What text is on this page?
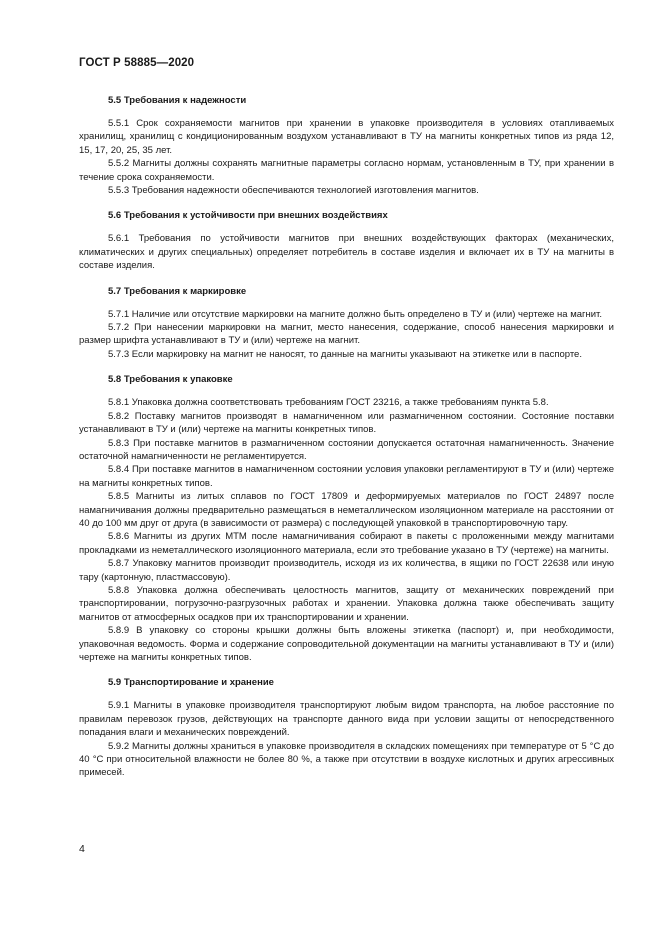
ГОСТ Р 58885—2020

5.5 Требования к надежности

5.5.1 Срок сохраняемости магнитов при хранении в упаковке производителя в условиях отапливаемых хранилищ, хранилищ с кондиционированным воздухом устанавливают в ТУ на магниты конкретных типов из ряда 12, 15, 17, 20, 25, 35 лет.

5.5.2 Магниты должны сохранять магнитные параметры согласно нормам, установленным в ТУ, при хранении в течение срока сохраняемости.

5.5.3 Требования надежности обеспечиваются технологией изготовления магнитов.

5.6 Требования к устойчивости при внешних воздействиях

5.6.1 Требования по устойчивости магнитов при внешних воздействующих факторах (механических, климатических и других специальных) определяет потребитель в составе изделия и включает их в ТУ на магниты в составе изделия.

5.7 Требования к маркировке

5.7.1 Наличие или отсутствие маркировки на магните должно быть определено в ТУ и (или) чертеже на магнит.

5.7.2 При нанесении маркировки на магнит, место нанесения, содержание, способ нанесения маркировки и размер шрифта устанавливают в ТУ и (или) чертеже на магнит.

5.7.3 Если маркировку на магнит не наносят, то данные на магниты указывают на этикетке или в паспорте.

5.8 Требования к упаковке

5.8.1 Упаковка должна соответствовать требованиям ГОСТ 23216, а также требованиям пункта 5.8.

5.8.2 Поставку магнитов производят в намагниченном или размагниченном состоянии. Состояние поставки устанавливают в ТУ и (или) чертеже на магниты конкретных типов.

5.8.3 При поставке магнитов в размагниченном состоянии допускается остаточная намагниченность. Значение остаточной намагниченности не регламентируется.

5.8.4 При поставке магнитов в намагниченном состоянии условия упаковки регламентируют в ТУ и (или) чертеже на магниты конкретных типов.

5.8.5 Магниты из литых сплавов по ГОСТ 17809 и деформируемых материалов по ГОСТ 24897 после намагничивания должны предварительно размещаться в неметаллическом изоляционном материале на расстоянии от 40 до 100 мм друг от друга (в зависимости от размера) с последующей упаковкой в транспортировочную тару.

5.8.6 Магниты из других МТМ после намагничивания собирают в пакеты с проложенными между магнитами прокладками из неметаллического изоляционного материала, если это требование указано в ТУ (чертеже) на магниты.

5.8.7 Упаковку магнитов производит производитель, исходя из их количества, в ящики по ГОСТ 22638 или иную тару (картонную, пластмассовую).

5.8.8 Упаковка должна обеспечивать целостность магнитов, защиту от механических повреждений при транспортировании, погрузочно-разгрузочных работах и хранении. Упаковка должна также обеспечивать защиту магнитов от атмосферных осадков при их транспортировании и хранении.

5.8.9 В упаковку со стороны крышки должны быть вложены этикетка (паспорт) и, при необходимости, упаковочная ведомость. Форма и содержание сопроводительной документации на магниты устанавливают в ТУ и (или) чертеже на магниты конкретных типов.

5.9 Транспортирование и хранение

5.9.1 Магниты в упаковке производителя транспортируют любым видом транспорта, на любое расстояние по правилам перевозок грузов, действующих на транспорте данного вида при условии защиты от непосредственного попадания влаги и механических повреждений.

5.9.2 Магниты должны храниться в упаковке производителя в складских помещениях при температуре от 5 °С до 40 °С при относительной влажности не более 80 %, а также при отсутствии в воздухе кислотных и других агрессивных примесей.

4
